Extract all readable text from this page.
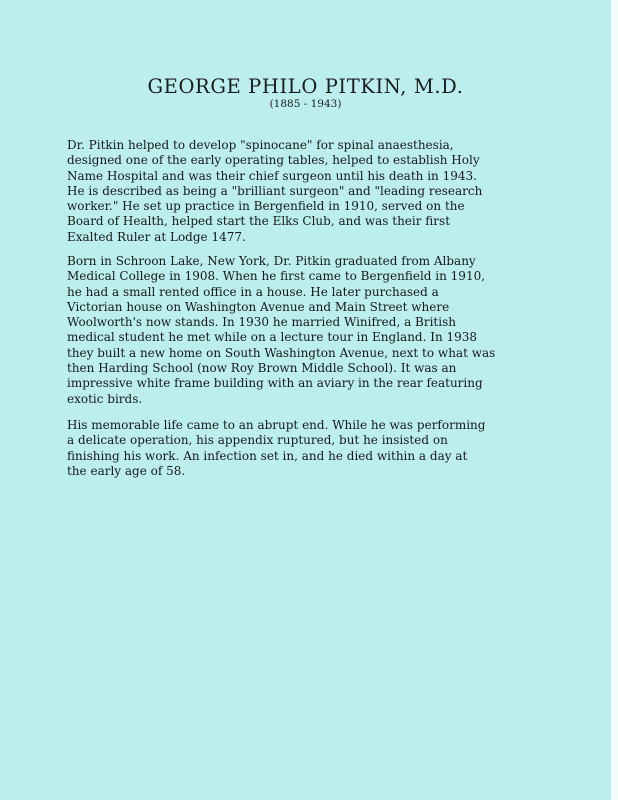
GEORGE PHILO PITKIN, M.D.
(1885 - 1943)

Dr. Pitkin helped to develop "spinocane" for spinal anaesthesia,
designed one of the early operating tables, helped to establish Holy
Name Hospital and was their chief surgeon until his death in 1943.
He is described as being a "brilliant surgeon" and "leading research
worker." He set up practice in Bergenfield in 1910, served on the
Board of Health, helped start the Elks Club, and was their first
Exalted Ruler at Lodge 1477.

Born in Schroon Lake, New York, Dr. Pitkin graduated from Albany
Medical College in 1908. When he first came to Bergenfield in 1910,
he had a small rented office in a house. He later purchased a
Victorian house on Washington Avenue and Main Street where
Woolworth's now stands. In 1930 he married Winifred, a British
medical student he met while on a lecture tour in England. In 1938
they built a new home on South Washington Avenue, next to what was
then Harding School (now Roy Brown Middle School). It was an
impressive white frame building with an aviary in the rear featuring
exotic birds.

His memorable life came to an abrupt end. While he was performing
a delicate operation, his appendix ruptured, but he insisted on
finishing his work. An infection set in, and he died within a day at
the early age of 58.
